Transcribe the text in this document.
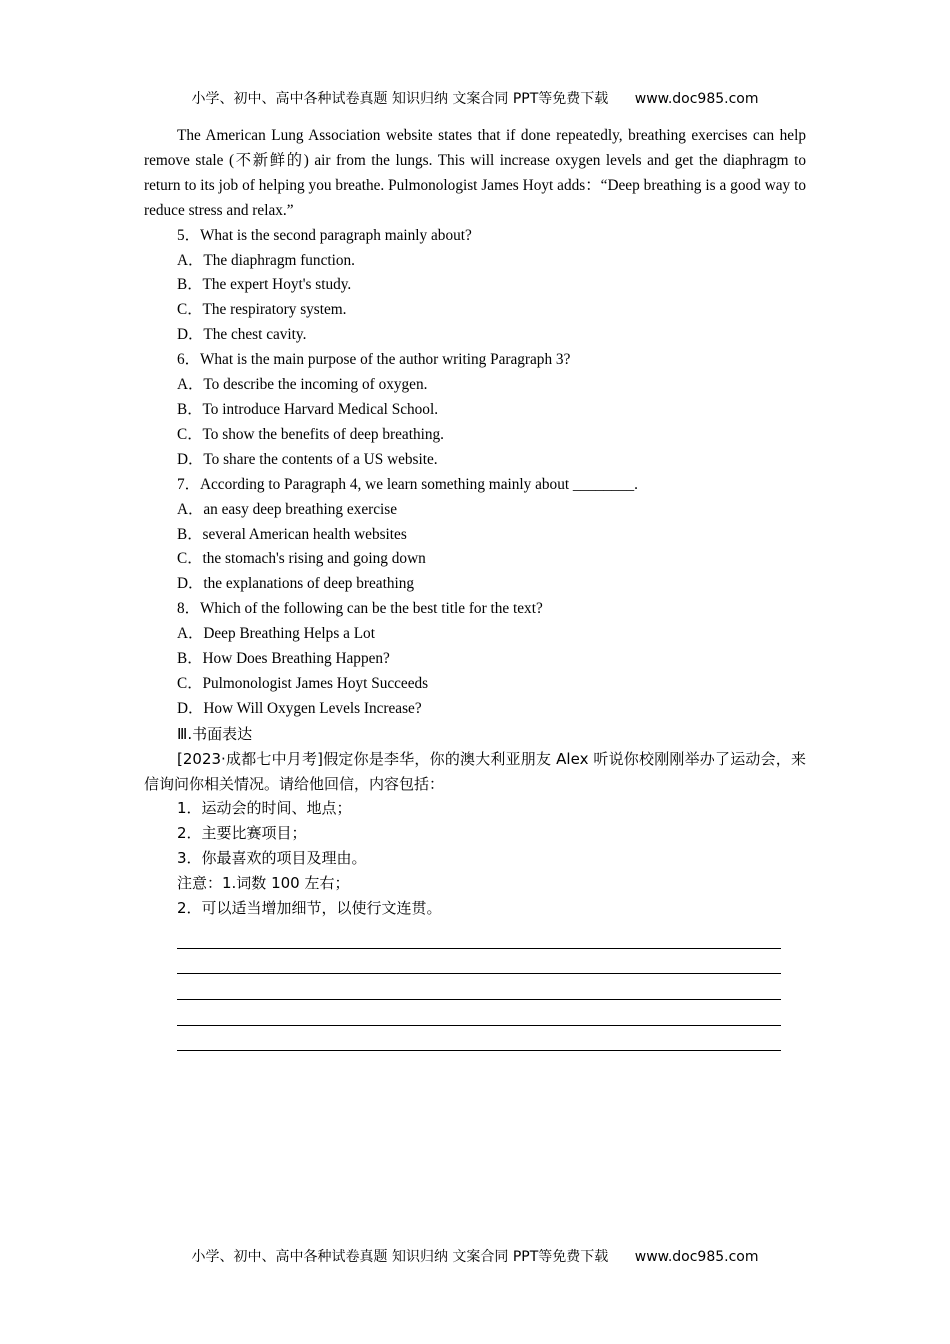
小学、初中、高中各种试卷真题 知识归纳 文案合同 PPT等免费下载 www.doc985.com

The American Lung Association website states that if done repeatedly, breathing exercises can help remove stale (不新鲜的) air from the lungs. This will increase oxygen levels and get the diaphragm to return to its job of helping you breathe. Pulmonologist James Hoyt adds：“Deep breathing is a good way to reduce stress and relax.”

5．What is the second paragraph mainly about?

A．The diaphragm function.

B．The expert Hoyt's study.

C．The respiratory system.

D．The chest cavity.

6．What is the main purpose of the author writing Paragraph 3?

A．To describe the incoming of oxygen.

B．To introduce Harvard Medical School.

C．To show the benefits of deep breathing.

D．To share the contents of a US website.

7．According to Paragraph 4, we learn something mainly about ________.

A．an easy deep breathing exercise

B．several American health websites

C．the stomach's rising and going down

D．the explanations of deep breathing

8．Which of the following can be the best title for the text?

A．Deep Breathing Helps a Lot

B．How Does Breathing Happen?

C．Pulmonologist James Hoyt Succeeds

D．How Will Oxygen Levels Increase?

Ⅲ.书面表达

[2023·成都七中月考]假定你是李华，你的澳大利亚朋友 Alex 听说你校刚刚举办了运动会，来信询问你相关情况。请给他回信，内容包括：

1．运动会的时间、地点；

2．主要比赛项目；

3．你最喜欢的项目及理由。

注意：1.词数 100 左右；

2．可以适当增加细节，以使行文连贯。

小学、初中、高中各种试卷真题 知识归纳 文案合同 PPT等免费下载 www.doc985.com
